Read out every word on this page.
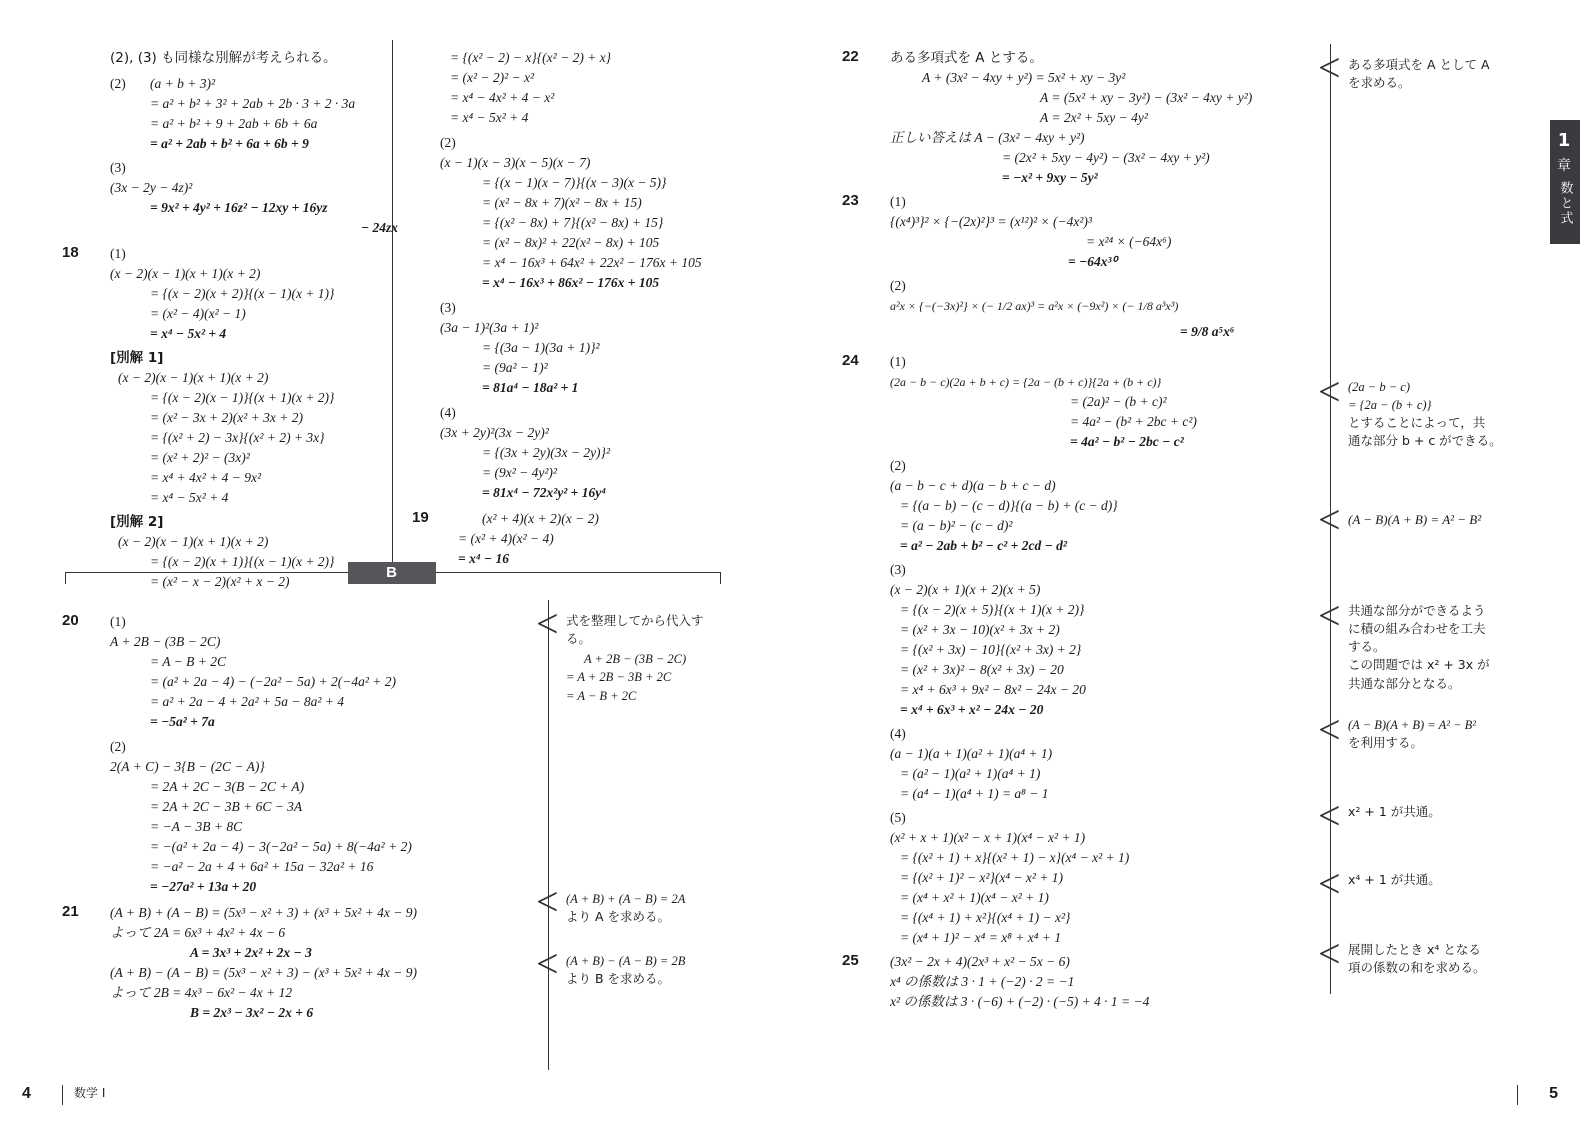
(2), (3) も同様な別解が考えられる。
(2) (a + b + 3)²
= a² + b² + 3² + 2ab + 2b · 3 + 2 · 3a
= a² + b² + 9 + 2ab + 6b + 6a
= a² + 2ab + b² + 6a + 6b + 9
(3)
(3x − 2y − 4z)²
= 9x² + 4y² + 16z² − 12xy + 16yz
− 24zx
18 (1)
(x − 2)(x − 1)(x + 1)(x + 2)
= {(x − 2)(x + 2)}{(x − 1)(x + 1)}
= (x² − 4)(x² − 1)
= x⁴ − 5x² + 4
[別解 1]
(x − 2)(x − 1)(x + 1)(x + 2)
= {(x − 2)(x − 1)}{(x + 1)(x + 2)}
= (x² − 3x + 2)(x² + 3x + 2)
= {(x² + 2) − 3x}{(x² + 2) + 3x}
= (x² + 2)² − (3x)²
= x⁴ + 4x² + 4 − 9x²
= x⁴ − 5x² + 4
[別解 2]
(x − 2)(x − 1)(x + 1)(x + 2)
= {(x − 2)(x + 1)}{(x − 1)(x + 2)}
= (x² − x − 2)(x² + x − 2)
= {(x² − 2) − x}{(x² − 2) + x}
= (x² − 2)² − x²
= x⁴ − 4x² + 4 − x²
= x⁴ − 5x² + 4
(2)
(x − 1)(x − 3)(x − 5)(x − 7)
= {(x − 1)(x − 7)}{(x − 3)(x − 5)}
= (x² − 8x + 7)(x² − 8x + 15)
= {(x² − 8x) + 7}{(x² − 8x) + 15}
= (x² − 8x)² + 22(x² − 8x) + 105
= x⁴ − 16x³ + 64x² + 22x² − 176x + 105
= x⁴ − 16x³ + 86x² − 176x + 105
(3)
(3a − 1)²(3a + 1)²
= {(3a − 1)(3a + 1)}²
= (9a² − 1)²
= 81a⁴ − 18a² + 1
(4)
(3x + 2y)²(3x − 2y)²
= {(3x + 2y)(3x − 2y)}²
= (9x² − 4y²)²
= 81x⁴ − 72x²y² + 16y⁴
19	(x² + 4)(x + 2)(x − 2)
= (x² + 4)(x² − 4)
= x⁴ − 16
B
20 (1)
A + 2B − (3B − 2C)
= A − B + 2C
= (a² + 2a − 4) − (−2a² − 5a) + 2(−4a² + 2)
= a² + 2a − 4 + 2a² + 5a − 8a² + 4
= −5a² + 7a
(2)
2(A + C) − 3{B − (2C − A)}
= 2A + 2C − 3(B − 2C + A)
= 2A + 2C − 3B + 6C − 3A
= −A − 3B + 8C
= −(a² + 2a − 4) − 3(−2a² − 5a) + 8(−4a² + 2)
= −a² − 2a + 4 + 6a² + 15a − 32a² + 16
= −27a² + 13a + 20
21 (A + B) + (A − B) = (5x³ − x² + 3) + (x³ + 5x² + 4x − 9)
よって 2A = 6x³ + 4x² + 4x − 6
A = 3x³ + 2x² + 2x − 3
(A + B) − (A − B) = (5x³ − x² + 3) − (x³ + 5x² + 4x − 9)
よって 2B = 4x³ − 6x² − 4x + 12
B = 2x³ − 3x² − 2x + 6
< 式を整理してから代入す
る。
A + 2B − (3B − 2C)
= A + 2B − 3B + 2C
= A − B + 2C
< (A + B) + (A − B) = 2A
より A を求める。
< (A + B) − (A − B) = 2B
より B を求める。
4	数学 I
1
章
数と式
22 ある多項式を A とする。
A + (3x² − 4xy + y²) = 5x² + xy − 3y²
A = (5x² + xy − 3y²) − (3x² − 4xy + y²)
A = 2x² + 5xy − 4y²
正しい答えは A − (3x² − 4xy + y²)
= (2x² + 5xy − 4y²) − (3x² − 4xy + y²)
= −x² + 9xy − 5y²
23 (1)
{(x⁴)³}² × {−(2x)²}³ = (x¹²)² × (−4x²)³
= x²⁴ × (−64x⁶)
= −64x³⁰
(2)
a²x × {−(−3x)²} × (− 1/2 ax)³ = a²x × (−9x²) × (− 1/8 a³x³)
= 9/8 a⁵x⁶
24 (1)
(2a − b − c)(2a + b + c) = {2a − (b + c)}{2a + (b + c)}
= (2a)² − (b + c)²
= 4a² − (b² + 2bc + c²)
= 4a² − b² − 2bc − c²
(2)
(a − b − c + d)(a − b + c − d)
= {(a − b) − (c − d)}{(a − b) + (c − d)}
= (a − b)² − (c − d)²
= a² − 2ab + b² − c² + 2cd − d²
(3)
(x − 2)(x + 1)(x + 2)(x + 5)
= {(x − 2)(x + 5)}{(x + 1)(x + 2)}
= (x² + 3x − 10)(x² + 3x + 2)
= {(x² + 3x) − 10}{(x² + 3x) + 2}
= (x² + 3x)² − 8(x² + 3x) − 20
= x⁴ + 6x³ + 9x² − 8x² − 24x − 20
= x⁴ + 6x³ + x² − 24x − 20
(4)
(a − 1)(a + 1)(a² + 1)(a⁴ + 1)
= (a² − 1)(a² + 1)(a⁴ + 1)
= (a⁴ − 1)(a⁴ + 1) = a⁸ − 1
(5)
(x² + x + 1)(x² − x + 1)(x⁴ − x² + 1)
= {(x² + 1) + x}{(x² + 1) − x}(x⁴ − x² + 1)
= {(x² + 1)² − x²}(x⁴ − x² + 1)
= (x⁴ + x² + 1)(x⁴ − x² + 1)
= {(x⁴ + 1) + x²}{(x⁴ + 1) − x²}
= (x⁴ + 1)² − x⁴ = x⁸ + x⁴ + 1
25 (3x² − 2x + 4)(2x³ + x² − 5x − 6)
x⁴ の係数は 3 · 1 + (−2) · 2 = −1
x² の係数は 3 · (−6) + (−2) · (−5) + 4 · 1 = −4
< ある多項式を A として A
を求める。
< (2a − b − c)
= {2a − (b + c)}
とすることによって，共
通な部分 b + c ができる。
< (A − B)(A + B) = A² − B²
< 共通な部分ができるよう
に積の組み合わせを工夫
する。
この問題では x² + 3x が
共通な部分となる。
< (A − B)(A + B) = A² − B²
を利用する。
< x² + 1 が共通。
< x⁴ + 1 が共通。
< 展開したとき x⁴ となる
項の係数の和を求める。
5
